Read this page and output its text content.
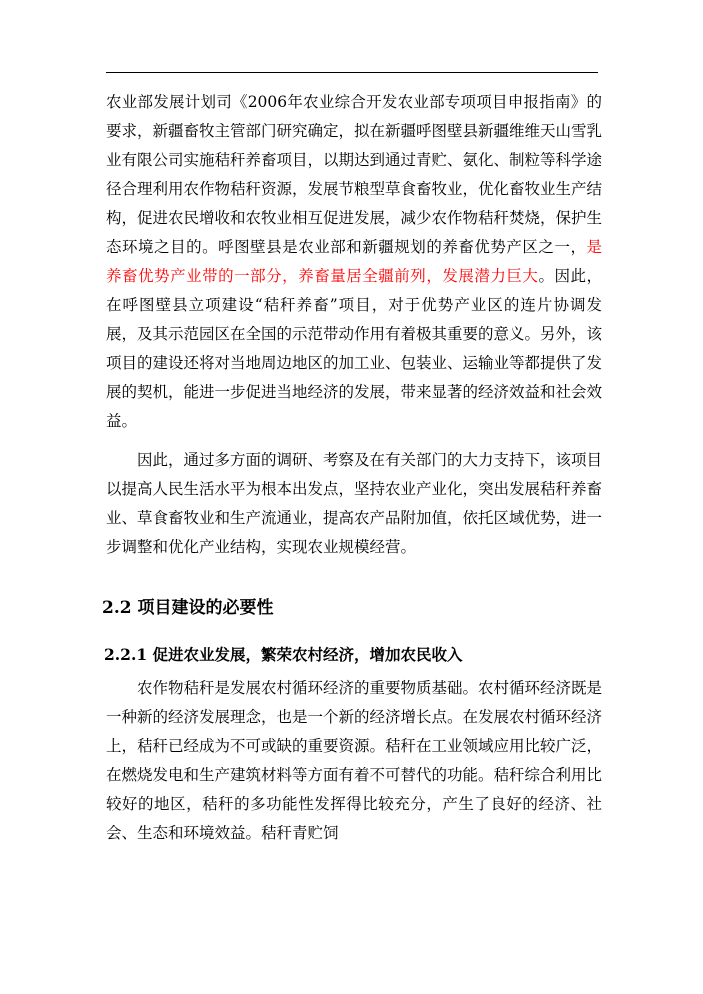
农业部发展计划司《2006年农业综合开发农业部专项项目申报指南》的要求，新疆畜牧主管部门研究确定，拟在新疆呼图壁县新疆维维天山雪乳业有限公司实施秸秆养畜项目，以期达到通过青贮、氨化、制粒等科学途径合理利用农作物秸秆资源，发展节粮型草食畜牧业，优化畜牧业生产结构，促进农民增收和农牧业相互促进发展，减少农作物秸秆焚烧，保护生态环境之目的。呼图壁县是农业部和新疆规划的养畜优势产区之一，是养畜优势产业带的一部分，养畜量居全疆前列，发展潜力巨大。因此，在呼图壁县立项建设“秸秆养畜”项目，对于优势产业区的连片协调发展，及其示范园区在全国的示范带动作用有着极其重要的意义。另外，该项目的建设还将对当地周边地区的加工业、包装业、运输业等都提供了发展的契机，能进一步促进当地经济的发展，带来显著的经济效益和社会效益。

因此，通过多方面的调研、考察及在有关部门的大力支持下，该项目以提高人民生活水平为根本出发点，坚持农业产业化，突出发展秸秆养畜业、草食畜牧业和生产流通业，提高农产品附加值，依托区域优势，进一步调整和优化产业结构，实现农业规模经营。

2.2 项目建设的必要性
2.2.1 促进农业发展，繁荣农村经济，增加农民收入

农作物秸秆是发展农村循环经济的重要物质基础。农村循环经济既是一种新的经济发展理念，也是一个新的经济增长点。在发展农村循环经济上，秸秆已经成为不可或缺的重要资源。秸秆在工业领域应用比较广泛，在燃烧发电和生产建筑材料等方面有着不可替代的功能。秸秆综合利用比较好的地区，秸秆的多功能性发挥得比较充分，产生了良好的经济、社会、生态和环境效益。秸秆青贮饲
